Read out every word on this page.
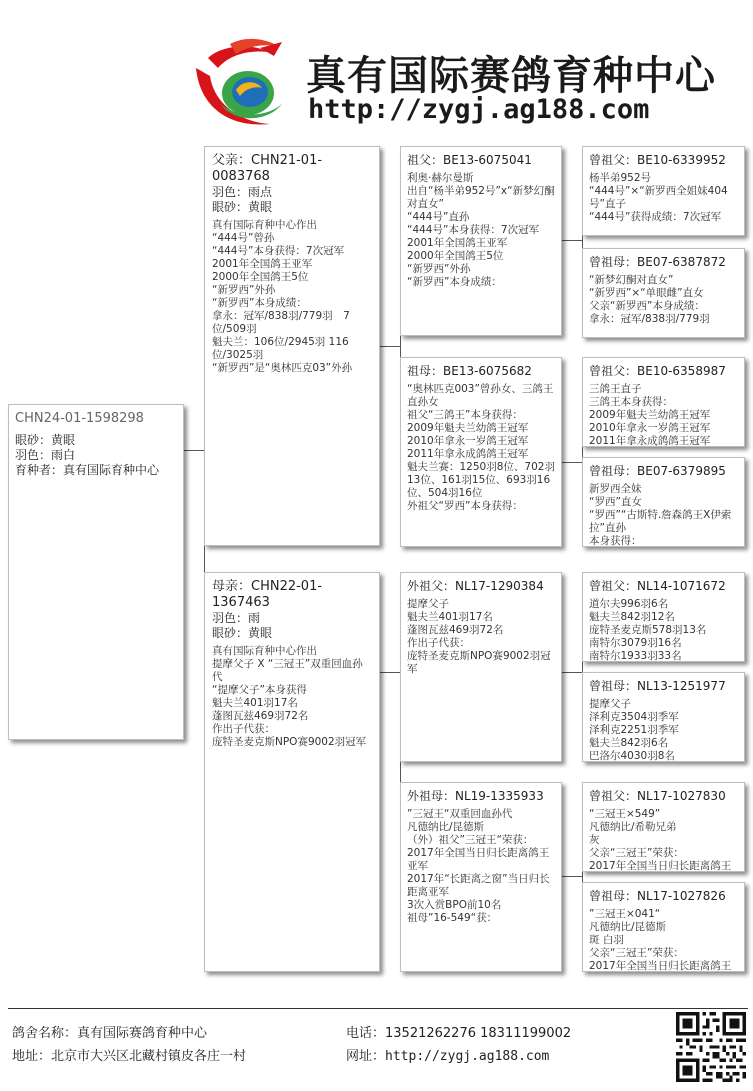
真有国际赛鸽育种中心
http://zygj.ag188.com
CHN24-01-1598298
眼砂：黄眼
羽色：雨白
育种者：真有国际育种中心
父亲：CHN21-01-0083768
羽色：雨点
眼砂：黄眼
真有国际育种中心作出
“444号”曾孙
“444号”本身获得：7次冠军
2001年全国鸽王亚军
2000年全国鸽王5位
“新罗西”外孙
“新罗西”本身成绩：
拿永：冠军/838羽/779羽　7位/509羽
魁夫兰：106位/2945羽 116位/3025羽
“新罗西”是“奥林匹克03”外孙
母亲：CHN22-01-1367463
羽色：雨
眼砂：黄眼
真有国际育种中心作出
提摩父子 X “三冠王”双重回血孙代
“提摩父子”本身获得
魁夫兰401羽17名
蓬图瓦兹469羽72名
作出子代获：
庞特圣麦克斯NPO赛9002羽冠军
祖父：BE13-6075041
利奥·赫尔曼斯
出自“杨半弟952号”x“新梦幻酮对直女”
“444号”直孙
“444号”本身获得：7次冠军
2001年全国鸽王亚军
2000年全国鸽王5位
“新罗西”外孙
“新罗西”本身成绩：
祖母：BE13-6075682
“奥林匹克003”曾孙女、三鸽王直孙女
祖父“三鸽王”本身获得：
2009年魁夫兰幼鸽王冠军
2010年拿永一岁鸽王冠军
2011年拿永成鸽鸽王冠军
魁夫兰赛：1250羽8位、702羽13位、161羽15位、693羽16位、504羽16位
外祖父“罗西”本身获得：
外祖父：NL17-1290384
提摩父子
魁夫兰401羽17名
蓬图瓦兹469羽72名
作出子代获：
庞特圣麦克斯NPO赛9002羽冠军
外祖母：NL19-1335933
”三冠王“双重回血孙代
凡德纳比/昆德斯
（外）祖父”三冠王“荣获：
2017年全国当日归长距离鸽王亚军
2017年“长距离之窗”当日归长距离亚军
3次入赏BPO前10名
祖母”16-549“获：
曾祖父：BE10-6339952
杨半弟952号
“444号”×“新罗西全姐妹404号”直子
“444号”获得成绩：7次冠军
曾祖母：BE07-6387872
“新梦幻酮对直女”
“新罗西”×“单眼雌”直女
父亲“新罗西”本身成绩：
拿永：冠军/838羽/779羽
曾祖父：BE10-6358987
三鸽王直子
三鸽王本身获得：
2009年魁夫兰幼鸽王冠军
2010年拿永一岁鸽王冠军
2011年拿永成鸽鸽王冠军
曾祖母：BE07-6379895
新罗西全妹
“罗西”直女
“罗西”“古斯特.詹森鸽王X伊索拉”直孙
本身获得：
曾祖父：NL14-1071672
道尔夫996羽6名
魁夫兰842羽12名
庞特圣麦克斯578羽13名
南特尔3079羽16名
南特尔1933羽33名
曾祖母：NL13-1251977
提摩父子
泽利克3504羽季军
泽利克2251羽季军
魁夫兰842羽6名
巴洛尔4030羽8名
曾祖父：NL17-1027830
“三冠王×549”
凡德纳比/希勒兄弟
灰
父亲“三冠王”荣获：
2017年全国当日归长距离鸽王
曾祖母：NL17-1027826
”三冠王×041“
凡德纳比/昆德斯
斑 白羽
父亲“三冠王”荣获：
2017年全国当日归长距离鸽王
鸽舍名称：真有国际赛鸽育种中心
地址：北京市大兴区北藏村镇皮各庄一村
电话：13521262276 18311199002
网址：http://zygj.ag188.com
